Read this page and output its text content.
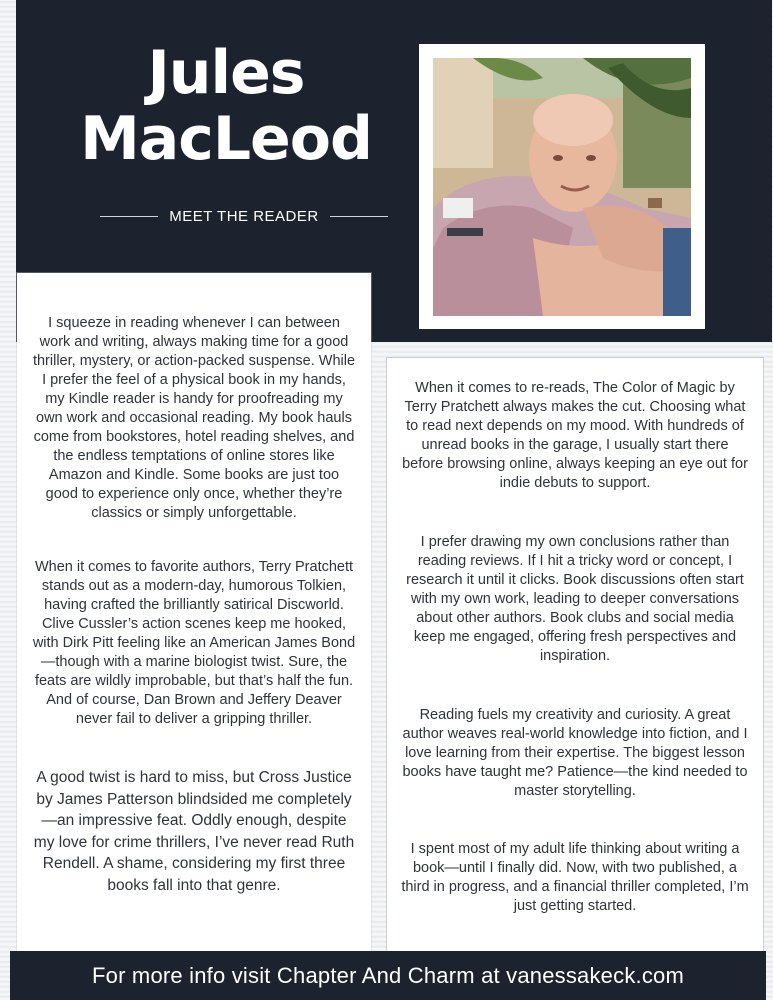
Jules
MacLeod
MEET THE READER

I squeeze in reading whenever I can between work and writing, always making time for a good thriller, mystery, or action-packed suspense. While I prefer the feel of a physical book in my hands, my Kindle reader is handy for proofreading my own work and occasional reading. My book hauls come from bookstores, hotel reading shelves, and the endless temptations of online stores like Amazon and Kindle. Some books are just too good to experience only once, whether they’re classics or simply unforgettable.

When it comes to favorite authors, Terry Pratchett stands out as a modern-day, humorous Tolkien, having crafted the brilliantly satirical Discworld. Clive Cussler’s action scenes keep me hooked, with Dirk Pitt feeling like an American James Bond—though with a marine biologist twist. Sure, the feats are wildly improbable, but that’s half the fun. And of course, Dan Brown and Jeffery Deaver never fail to deliver a gripping thriller.

A good twist is hard to miss, but Cross Justice by James Patterson blindsided me completely—an impressive feat. Oddly enough, despite my love for crime thrillers, I’ve never read Ruth Rendell. A shame, considering my first three books fall into that genre.

When it comes to re-reads, The Color of Magic by Terry Pratchett always makes the cut. Choosing what to read next depends on my mood. With hundreds of unread books in the garage, I usually start there before browsing online, always keeping an eye out for indie debuts to support.

I prefer drawing my own conclusions rather than reading reviews. If I hit a tricky word or concept, I research it until it clicks. Book discussions often start with my own work, leading to deeper conversations about other authors. Book clubs and social media keep me engaged, offering fresh perspectives and inspiration.

Reading fuels my creativity and curiosity. A great author weaves real-world knowledge into fiction, and I love learning from their expertise. The biggest lesson books have taught me? Patience—the kind needed to master storytelling.

I spent most of my adult life thinking about writing a book—until I finally did. Now, with two published, a third in progress, and a financial thriller completed, I’m just getting started.

For more info visit Chapter And Charm at vanessakeck.com
